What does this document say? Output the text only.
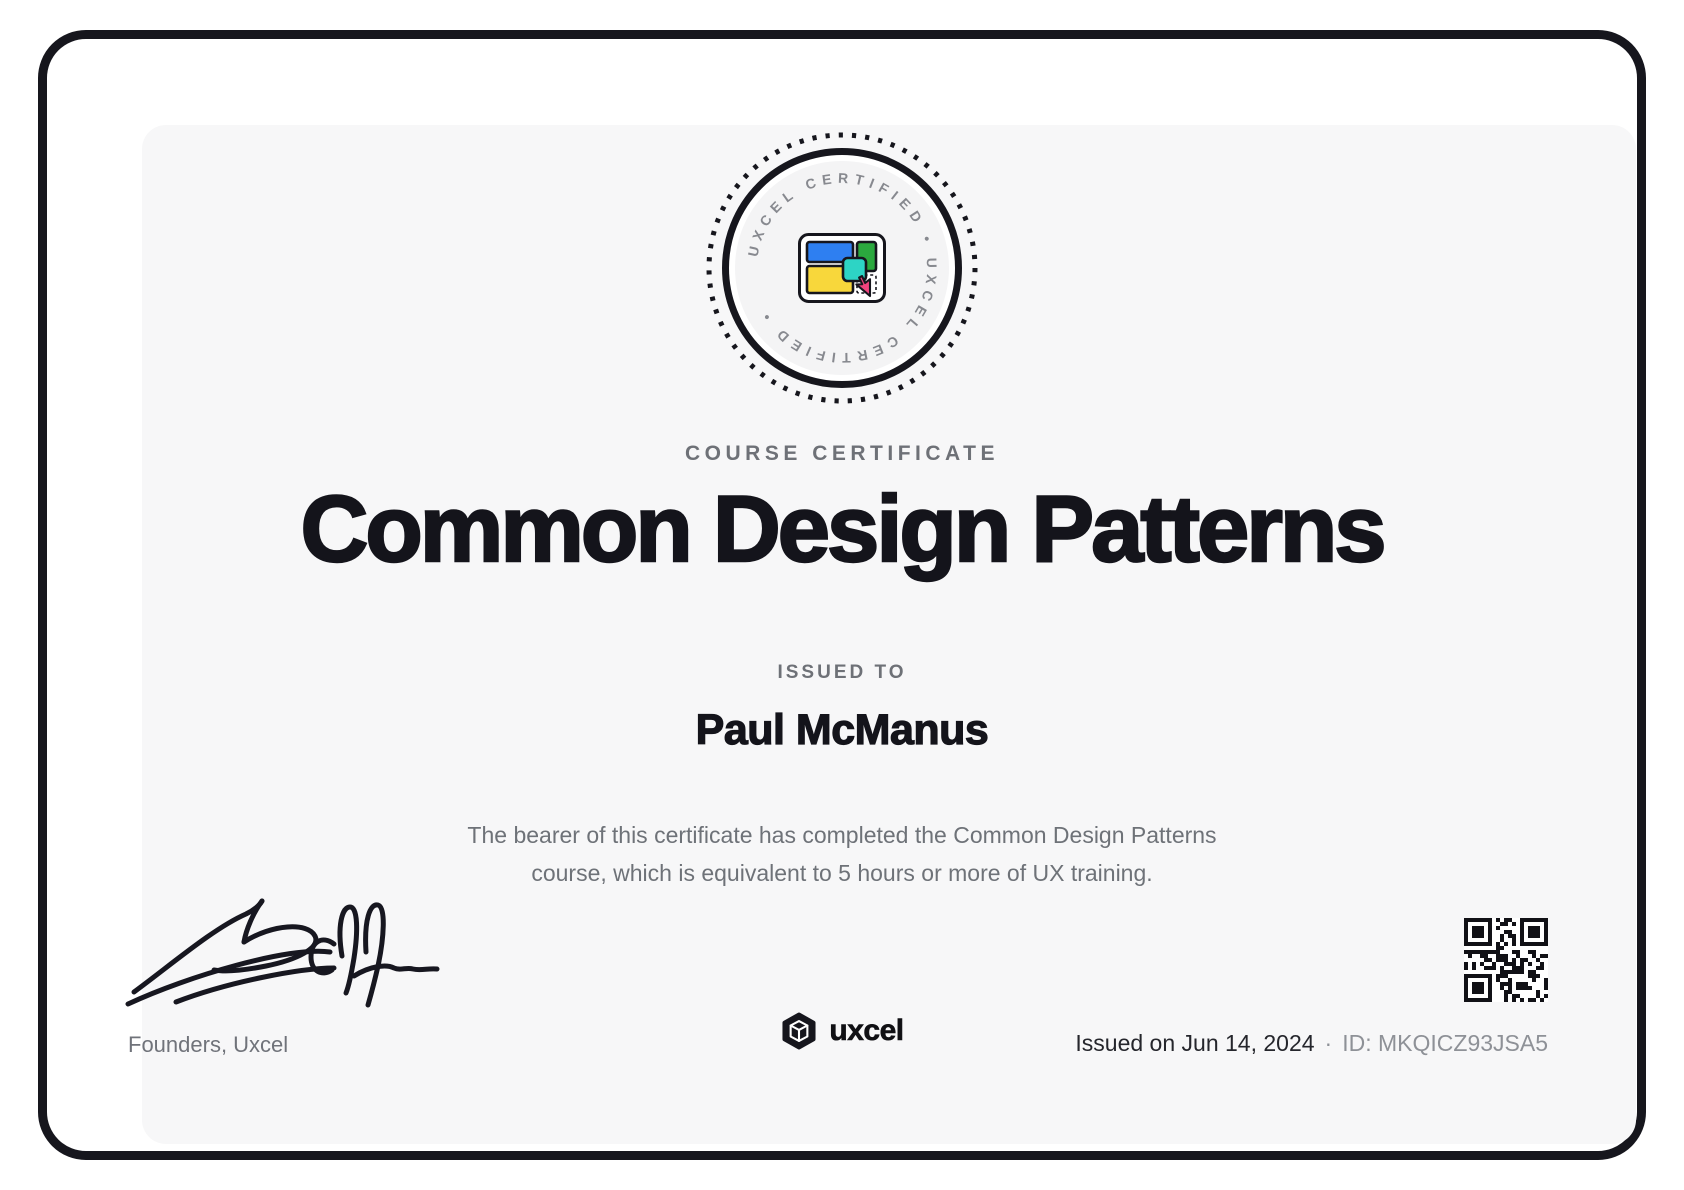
UXCEL CERTIFIED • UXCEL CERTIFIED •
COURSE CERTIFICATE
Common Design Patterns
ISSUED TO
Paul McManus

The bearer of this certificate has completed the Common Design Patterns
course, which is equivalent to 5 hours or more of UX training.

Founders, Uxcel	uxcel	Issued on Jun 14, 2024 · ID: MKQICZ93JSA5
